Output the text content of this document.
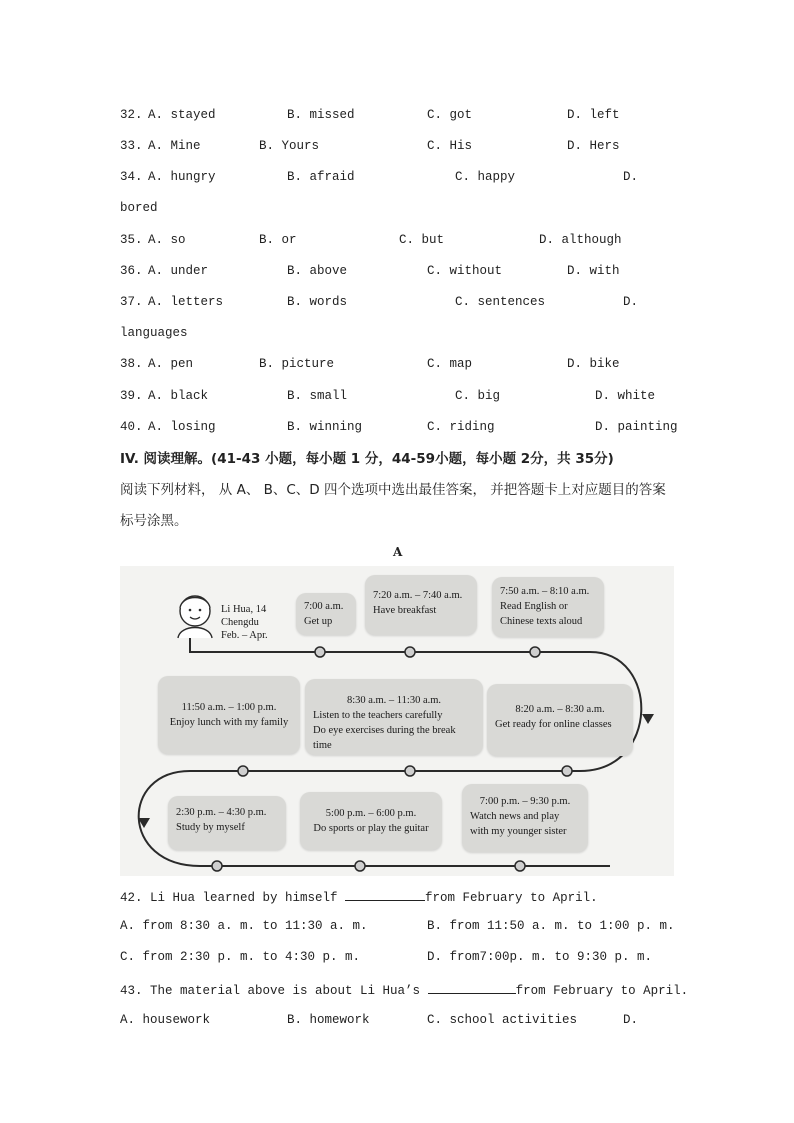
32. A. stayed	B. missed	C. got	D. left
33. A. Mine	B. Yours	C. His	D. Hers
34. A. hungry	B. afraid	C. happy	D.
bored
35. A. so	B. or	C. but	D. although
36. A. under	B. above	C. without	D. with
37. A. letters	B. words	C. sentences	D.
languages
38. A. pen	B. picture	C. map	D. bike
39. A. black	B. small	C. big	D. white
40. A. losing	B. winning	C. riding	D. painting
IV. 阅读理解。(41-43 小题，每小题 1 分，44-59小题，每小题 2分，共 35分)
阅读下列材料， 从 A、 B、C、D 四个选项中选出最佳答案， 并把答题卡上对应题目的答案
标号涂黑。
A
Li Hua, 14
Chengdu
Feb. – Apr.
7:00 a.m.
Get up
7:20 a.m. – 7:40 a.m.
Have breakfast
7:50 a.m. – 8:10 a.m.
Read English or
Chinese texts aloud
11:50 a.m. – 1:00 p.m.
Enjoy lunch with my family
8:30 a.m. – 11:30 a.m.
Listen to the teachers carefully
Do eye exercises during the break time
8:20 a.m. – 8:30 a.m.
Get ready for online classes
2:30 p.m. – 4:30 p.m.
Study by myself
5:00 p.m. – 6:00 p.m.
Do sports or play the guitar
7:00 p.m. – 9:30 p.m.
Watch news and play
with my younger sister
42. Li Hua learned by himself	from February to April.
A. from 8:30 a. m. to 11:30 a. m.	B. from 11:50 a. m. to 1:00 p. m.
C. from 2:30 p. m. to 4:30 p. m.	D. from7:00p. m. to 9:30 p. m.
43. The material above is about Li Hua’s	from February to April.
A. housework	B. homework	C. school activities	D.
